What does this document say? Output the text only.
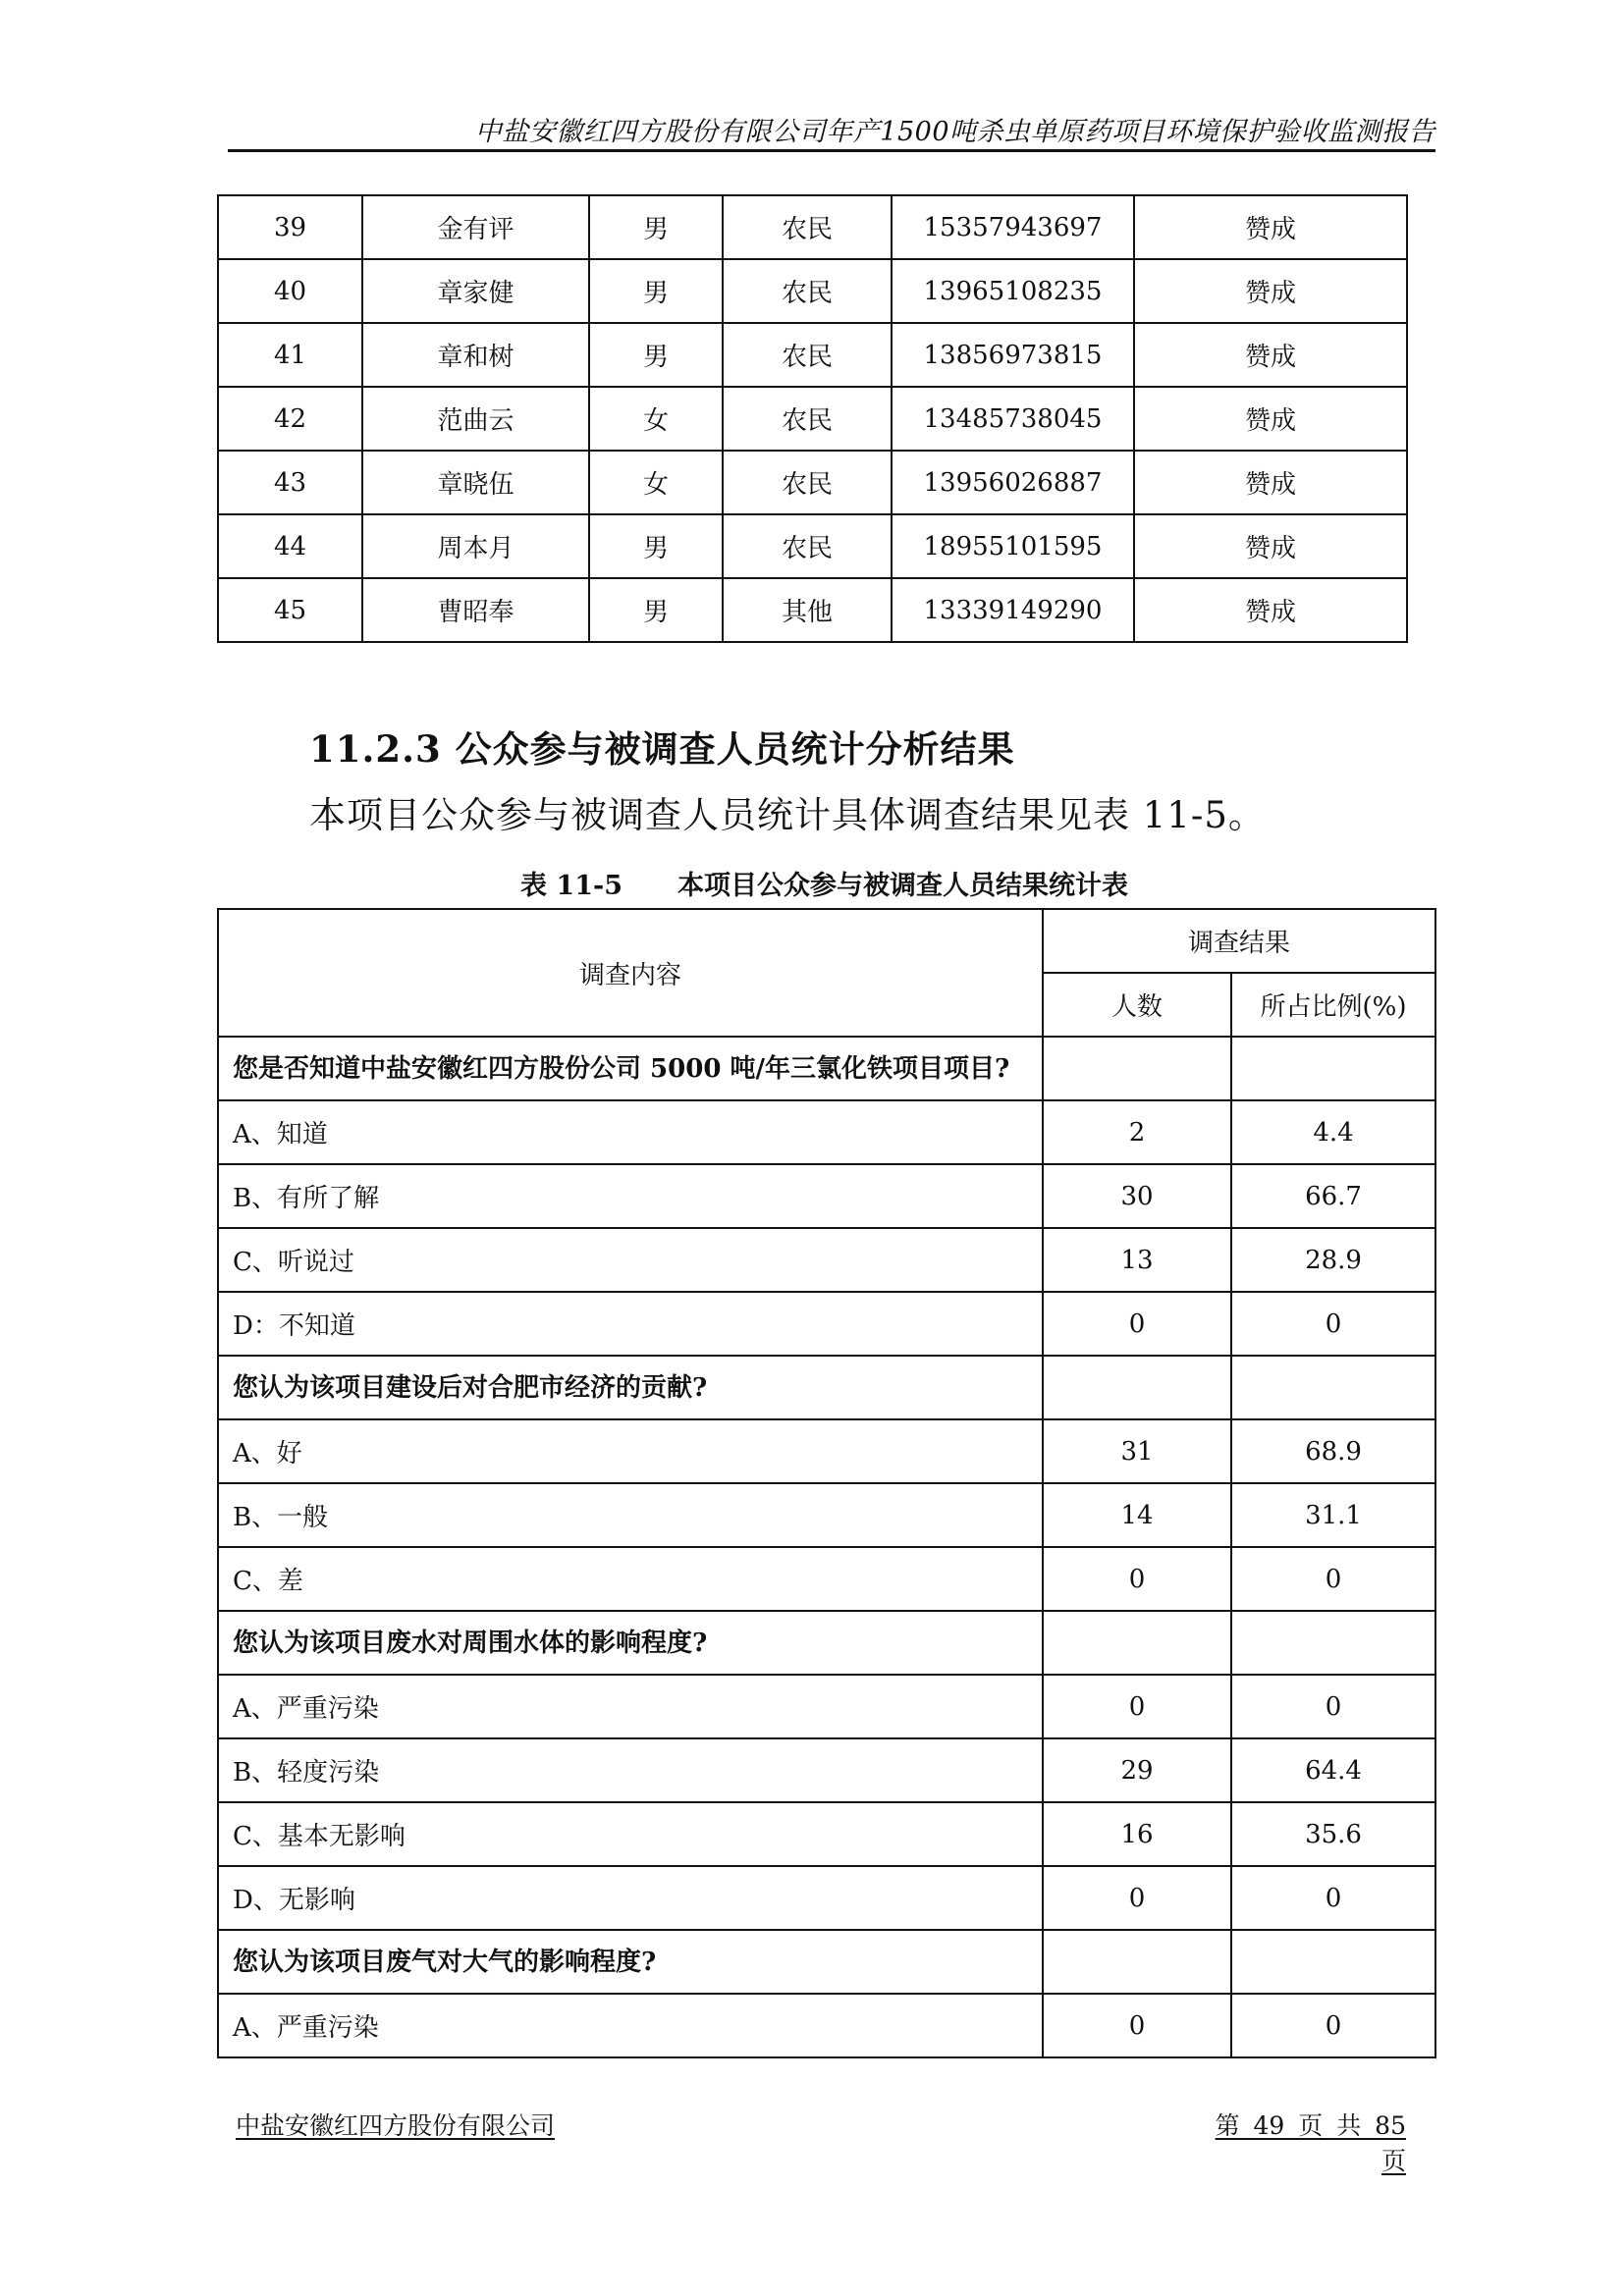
中盐安徽红四方股份有限公司年产1500吨杀虫单原药项目环境保护验收监测报告
39	金有评	男	农民	15357943697	赞成
40	章家健	男	农民	13965108235	赞成
41	章和树	男	农民	13856973815	赞成
42	范曲云	女	农民	13485738045	赞成
43	章晓伍	女	农民	13956026887	赞成
44	周本月	男	农民	18955101595	赞成
45	曹昭奉	男	其他	13339149290	赞成
11.2.3 公众参与被调查人员统计分析结果
本项目公众参与被调查人员统计具体调查结果见表 11-5。
表 11-5 本项目公众参与被调查人员结果统计表
调查内容	调查结果	
	人数	所占比例(%)
您是否知道中盐安徽红四方股份公司 5000 吨/年三氯化铁项目项目?		
A、知道	2	4.4
B、有所了解	30	66.7
C、听说过	13	28.9
D：不知道	0	0
您认为该项目建设后对合肥市经济的贡献?		
A、好	31	68.9
B、一般	14	31.1
C、差	0	0
您认为该项目废水对周围水体的影响程度?		
A、严重污染	0	0
B、轻度污染	29	64.4
C、基本无影响	16	35.6
D、无影响	0	0
您认为该项目废气对大气的影响程度?		
A、严重污染	0	0
中盐安徽红四方股份有限公司	第 49 页 共 85 页
